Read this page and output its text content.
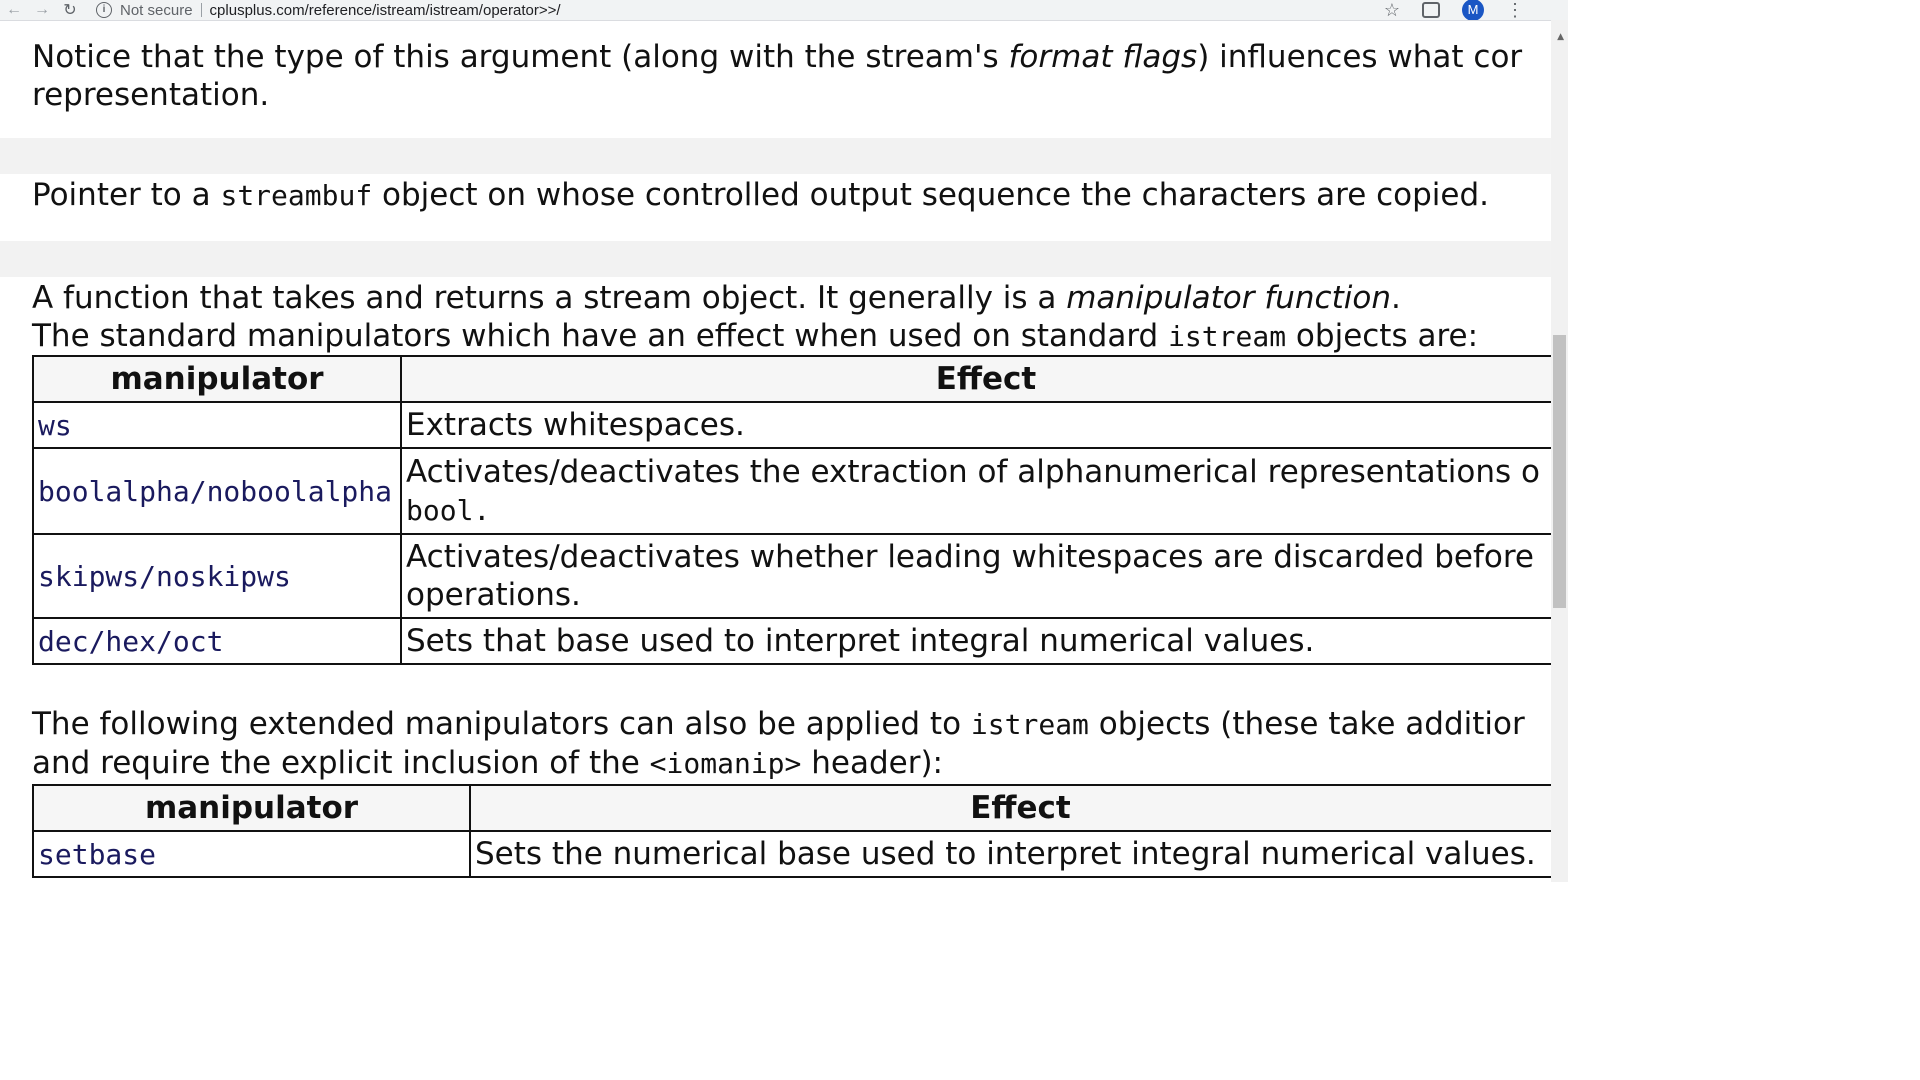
← → ↻	i Not secure cplusplus.com/reference/istream/istream/operator>>/	☆	M	⋮
▲
Notice that the type of this argument (along with the stream's format flags) influences what cor
representation.
Pointer to a streambuf object on whose controlled output sequence the characters are copied.
A function that takes and returns a stream object. It generally is a manipulator function.
The standard manipulators which have an effect when used on standard istream objects are:
manipulator	Effect
ws	Extracts whitespaces.
boolalpha/noboolalpha	Activates/deactivates the extraction of alphanumerical representations o
bool.
skipws/noskipws	Activates/deactivates whether leading whitespaces are discarded before
operations.
dec/hex/oct	Sets that base used to interpret integral numerical values.
The following extended manipulators can also be applied to istream objects (these take additior
and require the explicit inclusion of the <iomanip> header):
manipulator	Effect
setbase	Sets the numerical base used to interpret integral numerical values.
